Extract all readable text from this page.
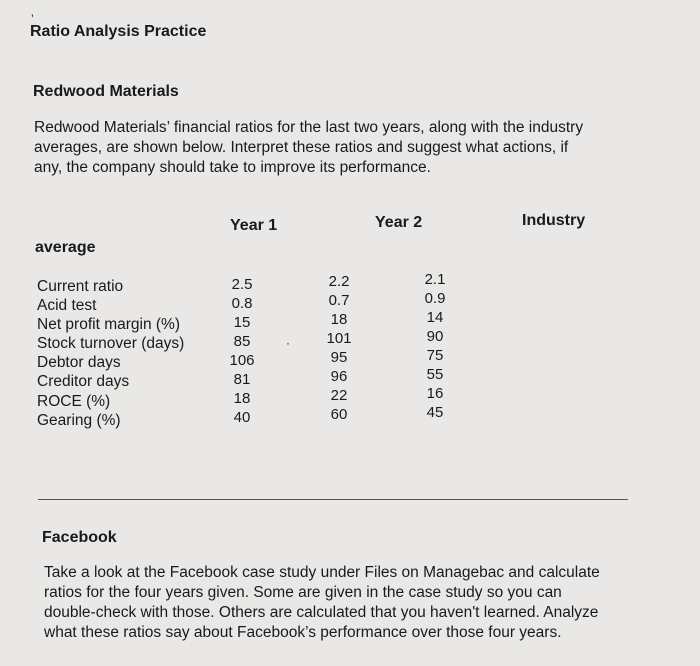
’
Ratio Analysis Practice
Redwood Materials
Redwood Materials’ financial ratios for the last two years, along with the industry
averages, are shown below. Interpret these ratios and suggest what actions, if
any, the company should take to improve its performance.
Year 1	Year 2	Industry
average
Current ratio
Acid test
Net profit margin (%)
Stock turnover (days)
Debtor days
Creditor days
ROCE (%)
Gearing (%)
2.5
0.8
15
85
106
81
18
40
2.2
0.7
18
101
95
96
22
60
2.1
0.9
14
90
75
55
16
45
·
Facebook
Take a look at the Facebook case study under Files on Managebac and calculate
ratios for the four years given. Some are given in the case study so you can
double-check with those. Others are calculated that you haven't learned. Analyze
what these ratios say about Facebook’s performance over those four years.
